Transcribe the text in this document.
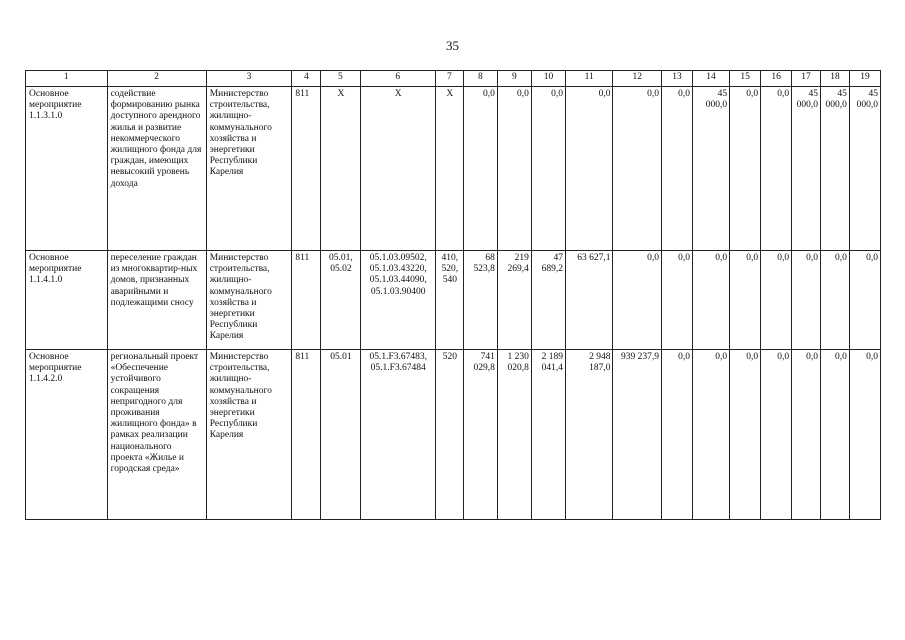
35
1	2	3	4	5	6	7	8	9	10	11	12	13	14	15	16	17	18	19
Основное мероприятие 1.1.3.1.0	содействие формированию рынка доступного арендного жилья и развитие некоммерческого жилищного фонда для граждан, имеющих невысокий уровень дохода	Министерство строительства, жилищно-коммунального хозяйства и энергетики Республики Карелия	811	X	X	X	0,0	0,0	0,0	0,0	0,0	0,0	45 000,0	0,0	0,0	45 000,0	45 000,0	45 000,0
Основное мероприятие 1.1.4.1.0	переселение граждан из многоквартир-ных домов, признанных аварийными и подлежащими сносу	Министерство строительства, жилищно-коммунального хозяйства и энергетики Республики Карелия	811	05.01, 05.02	05.1.03.09502, 05.1.03.43220, 05.1.03.44090, 05.1.03.90400	410, 520, 540	68 523,8	219 269,4	47 689,2	63 627,1	0,0	0,0	0,0	0,0	0,0	0,0	0,0	0,0
Основное мероприятие 1.1.4.2.0	региональный проект «Обеспечение устойчивого сокращения непригодного для проживания жилищного фонда» в рамках реализации национального проекта «Жилье и городская среда»	Министерство строительства, жилищно-коммунального хозяйства и энергетики Республики Карелия	811	05.01	05.1.F3.67483, 05.1.F3.67484	520	741 029,8	1 230 020,8	2 189 041,4	2 948 187,0	939 237,9	0,0	0,0	0,0	0,0	0,0	0,0	0,0
